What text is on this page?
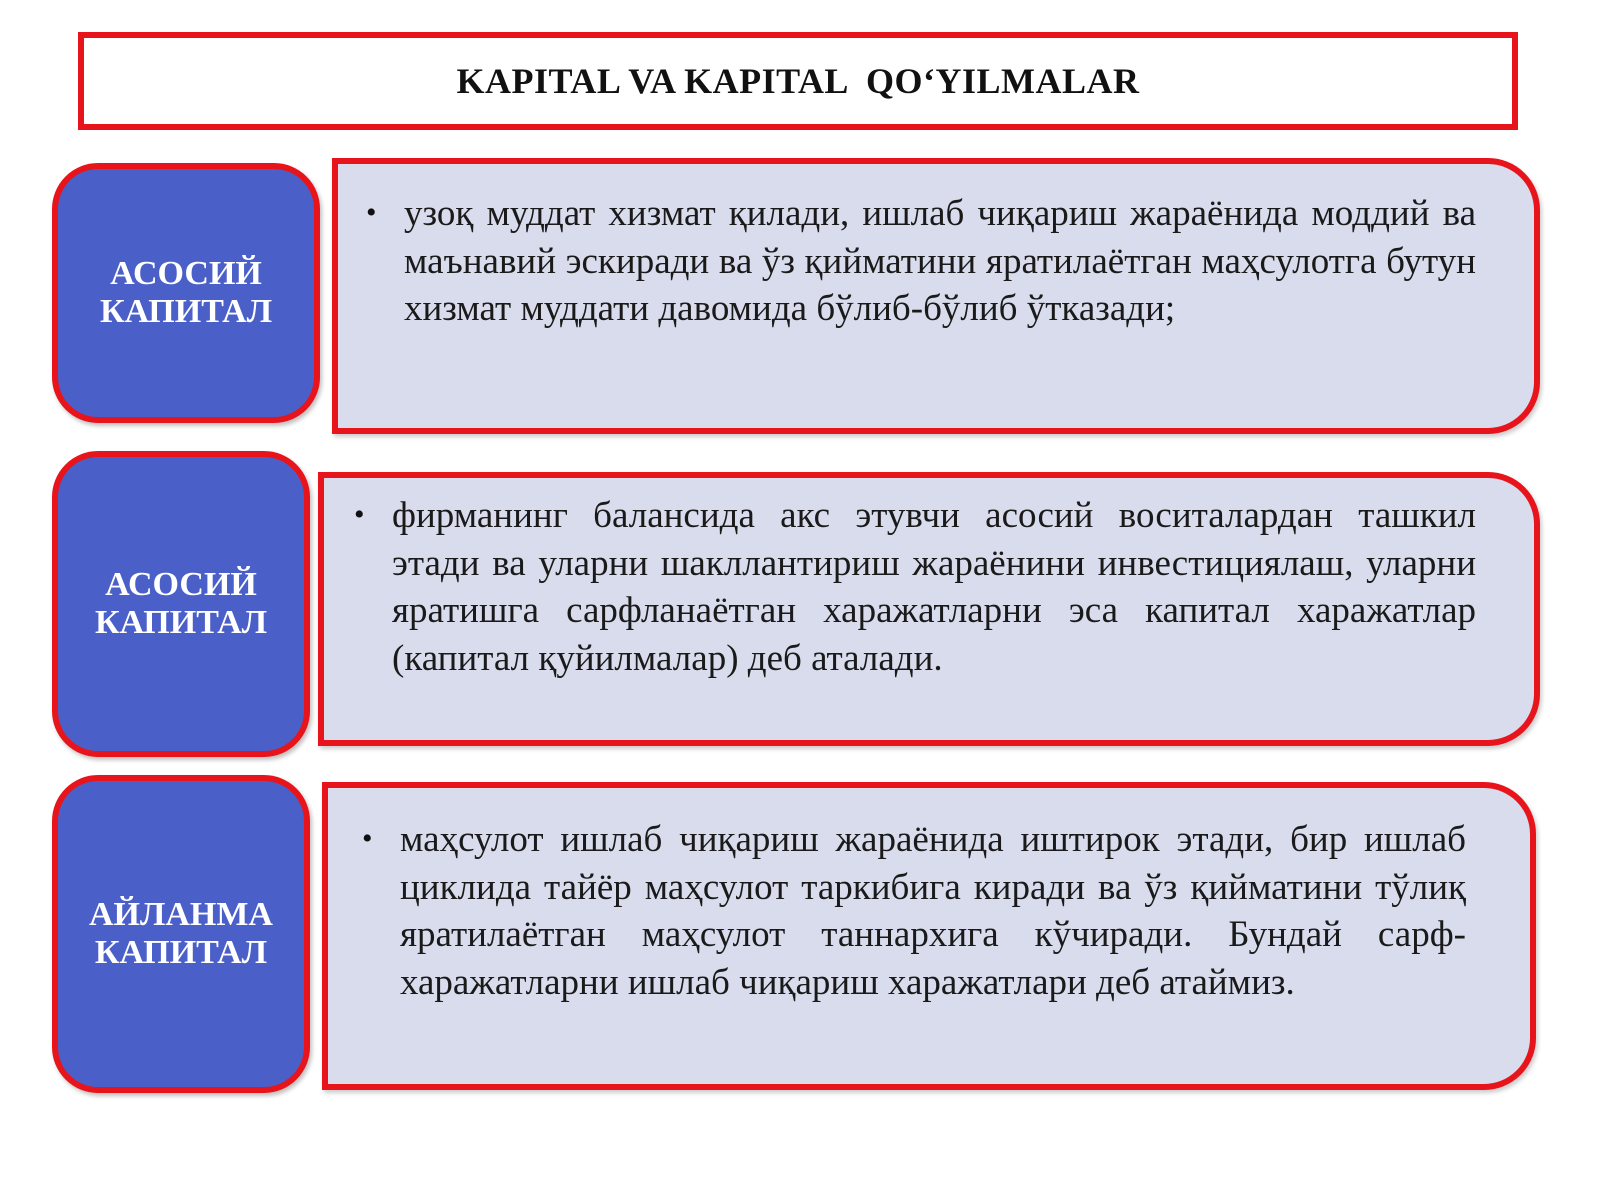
KAPITAL VA KAPITAL  QO‘YILMALAR
АСОСИЙ
КАПИТАЛ
• узоқ муддат хизмат қилади, ишлаб чиқариш жараёнида моддий ва маънавий эскиради ва ўз қийматини яратилаётган маҳсулотга бутун хизмат муддати давомида бўлиб-бўлиб ўтказади;
АСОСИЙ
КАПИТАЛ
• фирманинг балансида акс этувчи асосий воситалардан ташкил этади ва уларни шакллантириш жараёнини инвестициялаш, уларни яратишга сарфланаётган харажатларни эса капитал харажатлар (капитал қуйилмалар) деб аталади.
АЙЛАНМА
КАПИТАЛ
• маҳсулот ишлаб чиқариш жараёнида иштирок этади, бир ишлаб циклида тайёр маҳсулот таркибига киради ва ўз қийматини тўлиқ яратилаётган маҳсулот таннархига кўчиради. Бундай сарф-харажатларни ишлаб чиқариш харажатлари деб атаймиз.
